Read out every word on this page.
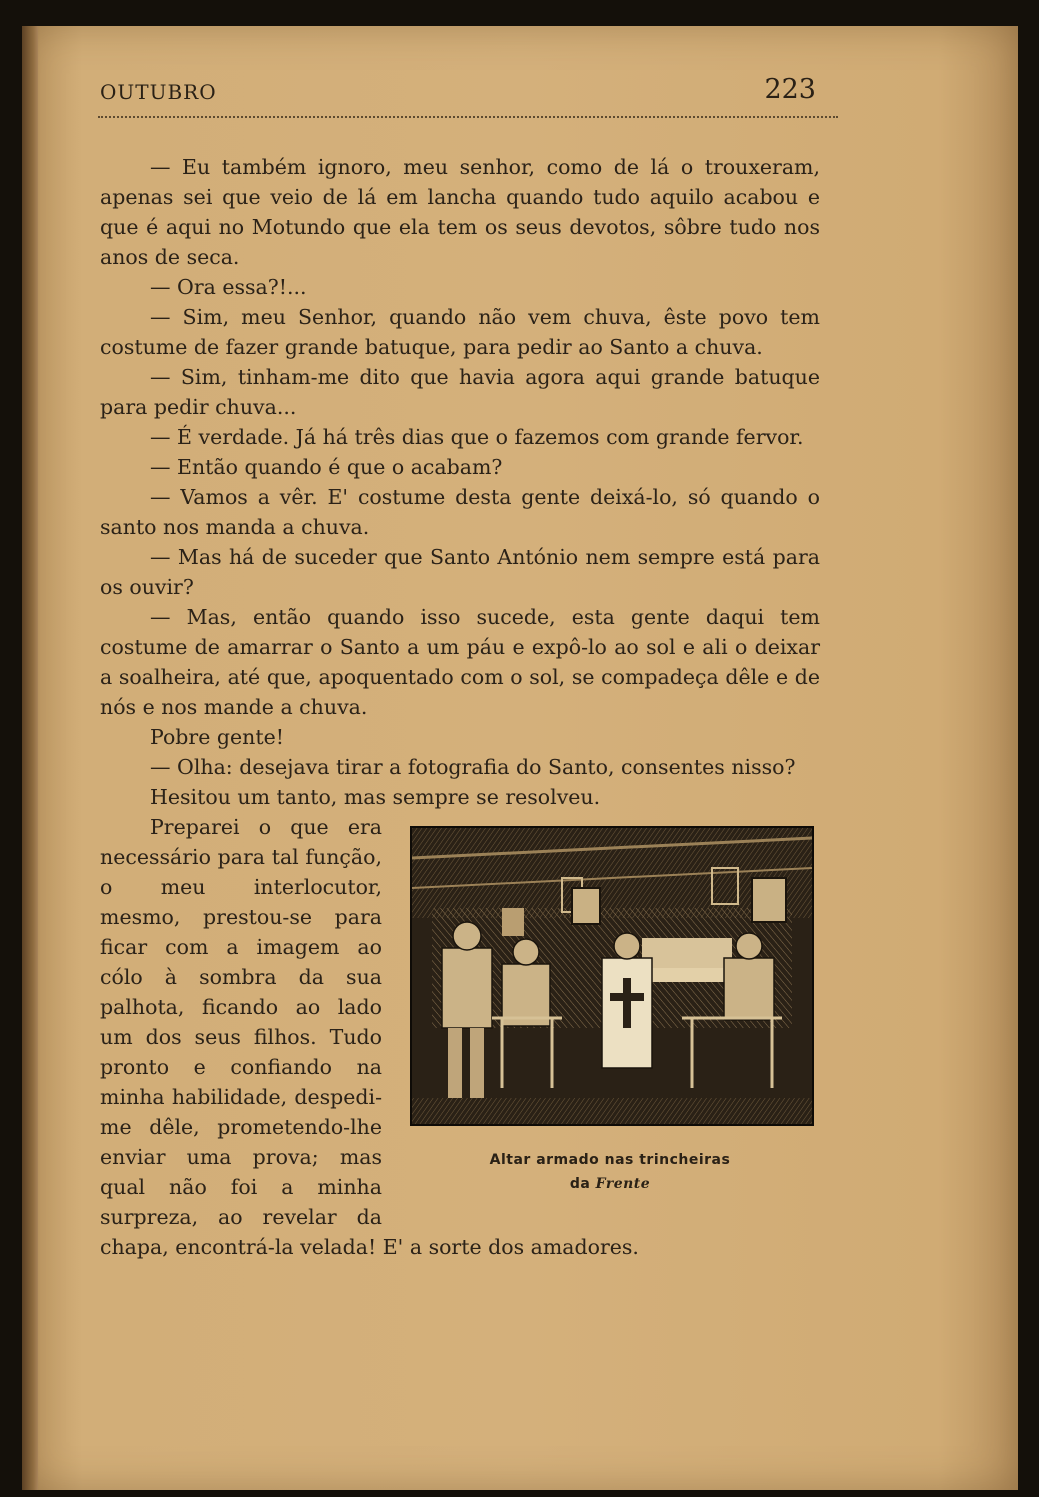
OUTUBRO	223

— Eu também ignoro, meu senhor, como de lá o trouxeram, apenas sei que veio de lá em lancha quando tudo aquilo acabou e que é aqui no Motundo que ela tem os seus devotos, sôbre tudo nos anos de seca.

— Ora essa?!...

— Sim, meu Senhor, quando não vem chuva, êste povo tem costume de fazer grande batuque, para pedir ao Santo a chuva.

— Sim, tinham-me dito que havia agora aqui grande batuque para pedir chuva...

— É verdade. Já há três dias que o fazemos com grande fervor.

— Então quando é que o acabam?

— Vamos a vêr. E' costume desta gente deixá-lo, só quando o santo nos manda a chuva.

— Mas há de suceder que Santo António nem sempre está para os ouvir?

— Mas, então quando isso sucede, esta gente daqui tem costume de amarrar o Santo a um páu e expô-lo ao sol e ali o deixar a soalheira, até que, apoquentado com o sol, se compadeça dêle e de nós e nos mande a chuva.

Pobre gente!

— Olha: desejava tirar a fotografia do Santo, consentes nisso?

Hesitou um tanto, mas sempre se resolveu.

Altar armado nas trincheiras
da Frente

Preparei o que era necessário para tal função, o meu interlocutor, mesmo, prestou-se para ficar com a imagem ao cólo à sombra da sua palhota, ficando ao lado um dos seus filhos. Tudo pronto e confiando na minha habilidade, despedi-me dêle, prometendo-lhe enviar uma prova; mas qual não foi a minha surpreza, ao revelar da chapa, encontrá-la velada! E' a sorte dos amadores.
